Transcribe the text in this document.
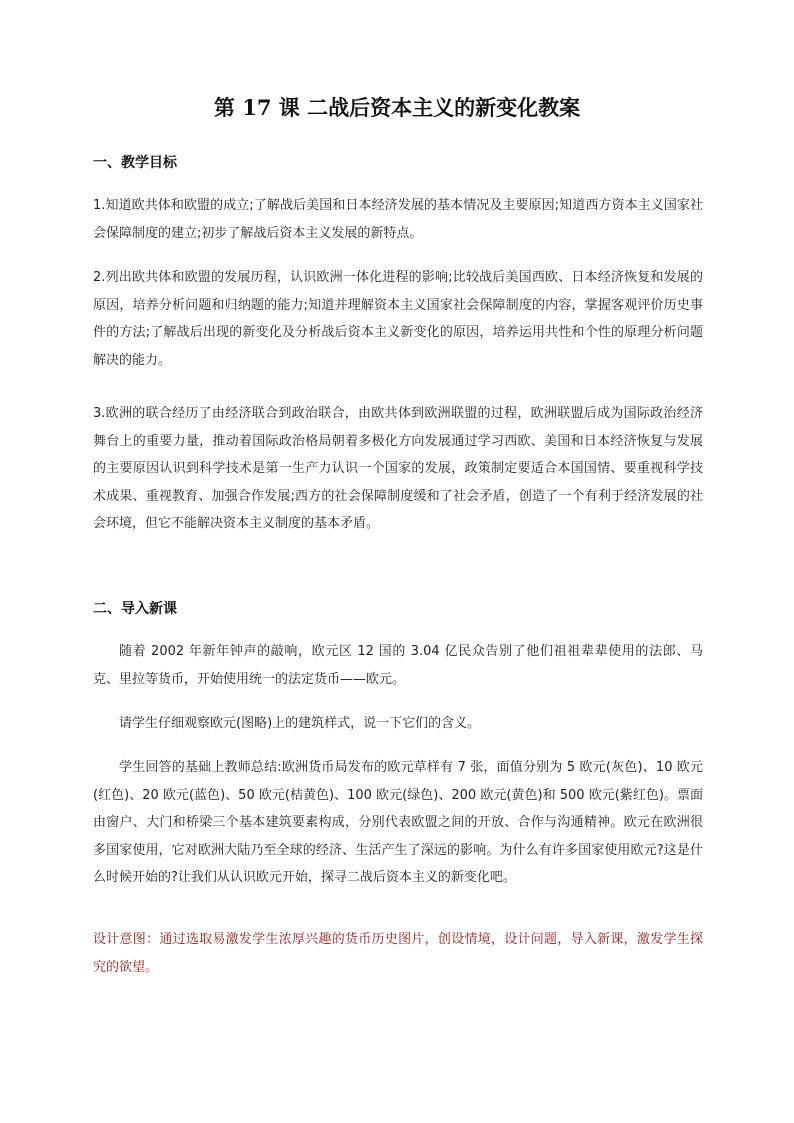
第 17 课 二战后资本主义的新变化教案
一、教学目标
1.知道欧共体和欧盟的成立;了解战后美国和日本经济发展的基本情况及主要原因;知道西方资本主义国家社会保障制度的建立;初步了解战后资本主义发展的新特点。
2.列出欧共体和欧盟的发展历程，认识欧洲一体化进程的影响;比较战后美国西欧、日本经济恢复和发展的原因，培养分析问题和归纳题的能力;知道并理解资本主义国家社会保障制度的内容，掌握客观评价历史事件的方法;了解战后出现的新变化及分析战后资本主义新变化的原因，培养运用共性和个性的原理分析问题解决的能力。
3.欧洲的联合经历了由经济联合到政治联合，由欧共体到欧洲联盟的过程，欧洲联盟后成为国际政治经济舞台上的重要力量，推动着国际政治格局朝着多极化方向发展通过学习西欧、美国和日本经济恢复与发展的主要原因认识到科学技术是第一生产力认识一个国家的发展，政策制定要适合本国国情、要重视科学技术成果、重视教育、加强合作发展;西方的社会保障制度缓和了社会矛盾，创造了一个有利于经济发展的社会环境，但它不能解决资本主义制度的基本矛盾。
二、导入新课
随着 2002 年新年钟声的敲响，欧元区 12 国的 3.04 亿民众告别了他们祖祖辈辈使用的法郎、马克、里拉等货币，开始使用统一的法定货币——欧元。
请学生仔细观察欧元(图略)上的建筑样式，说一下它们的含义。
学生回答的基础上教师总结:欧洲货币局发布的欧元草样有 7 张，面值分别为 5 欧元(灰色)、10 欧元(红色)、20 欧元(蓝色)、50 欧元(桔黄色)、100 欧元(绿色)、200 欧元(黄色)和 500 欧元(紫红色)。票面由窗户、大门和桥梁三个基本建筑要素构成，分别代表欧盟之间的开放、合作与沟通精神。欧元在欧洲很多国家使用，它对欧洲大陆乃至全球的经济、生活产生了深远的影响。为什么有许多国家使用欧元?这是什么时候开始的?让我们从认识欧元开始，探寻二战后资本主义的新变化吧。
设计意图：通过选取易激发学生浓厚兴趣的货币历史图片，创设情境，设计问题，导入新课，激发学生探究的欲望。
